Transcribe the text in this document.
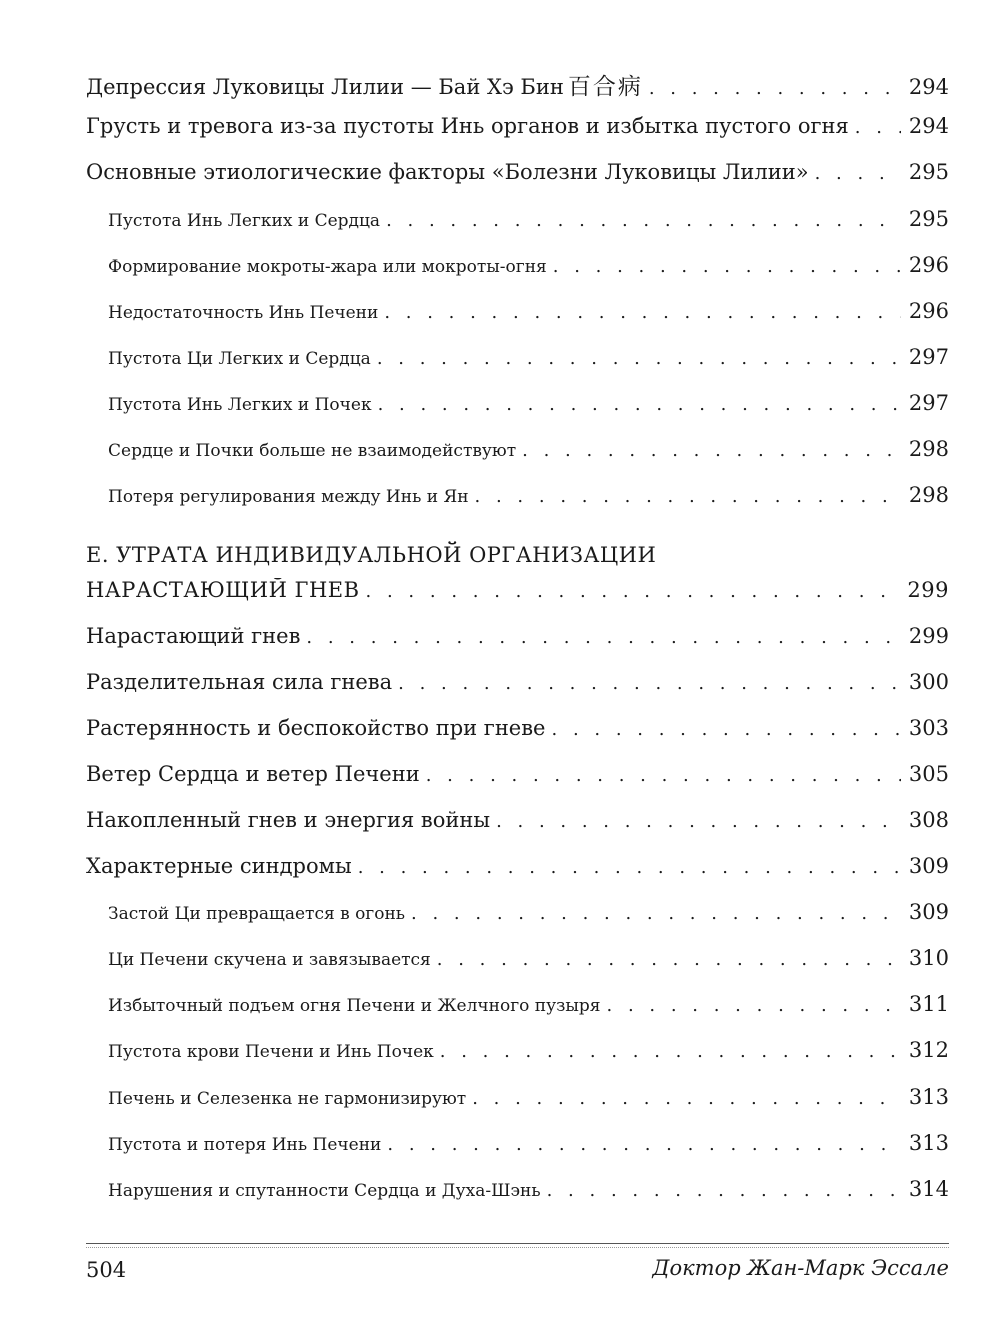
Депрессия Луковицы Лилии — Бай Хэ Бин 百合病 . . .	294
Грусть и тревога из-за пустоты Инь органов и избытка пустого огня . . .	294
Основные этиологические факторы «Болезни Луковицы Лилии» . . .	295
Пустота Инь Легких и Сердца . . .	295
Формирование мокроты-жара или мокроты-огня . . .	296
Недостаточность Инь Печени . . .	296
Пустота Ци Легких и Сердца . . .	297
Пустота Инь Легких и Почек . . .	297
Сердце и Почки больше не взаимодействуют . . .	298
Потеря регулирования между Инь и Ян . . .	298
Е. УТРАТА ИНДИВИДУАЛЬНОЙ ОРГАНИЗАЦИИ
НАРАСТАЮЩИЙ ГНЕВ . . .	299
Нарастающий гнев . . .	299
Разделительная сила гнева . . .	300
Растерянность и беспокойство при гневе . . .	303
Ветер Сердца и ветер Печени . . .	305
Накопленный гнев и энергия войны . . .	308
Характерные синдромы . . .	309
Застой Ци превращается в огонь . . .	309
Ци Печени скучена и завязывается . . .	310
Избыточный подъем огня Печени и Желчного пузыря . . .	311
Пустота крови Печени и Инь Почек . . .	312
Печень и Селезенка не гармонизируют . . .	313
Пустота и потеря Инь Печени . . .	313
Нарушения и спутанности Сердца и Духа-Шэнь . . .	314
504	Доктор Жан-Марк Эссале
